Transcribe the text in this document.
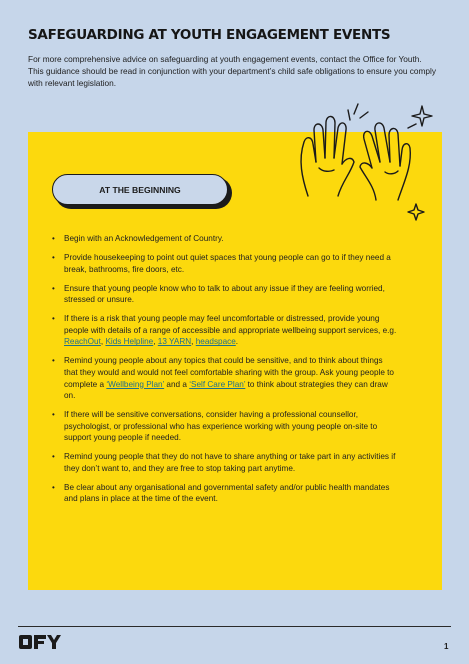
SAFEGUARDING AT YOUTH ENGAGEMENT EVENTS

For more comprehensive advice on safeguarding at youth engagement events, contact the Office for Youth. This guidance should be read in conjunction with your department’s child safe obligations to ensure you comply with relevant legislation.

AT THE BEGINNING
• Begin with an Acknowledgement of Country.
• Provide housekeeping to point out quiet spaces that young people can go to if they need a break, bathrooms, fire doors, etc.
• Ensure that young people know who to talk to about any issue if they are feeling worried, stressed or unsure.
• If there is a risk that young people may feel uncomfortable or distressed, provide young people with details of a range of accessible and appropriate wellbeing support services, e.g. ReachOut, Kids Helpline, 13 YARN, headspace.
• Remind young people about any topics that could be sensitive, and to think about things that they would and would not feel comfortable sharing with the group. Ask young people to complete a ‘Wellbeing Plan’ and a ‘Self Care Plan’ to think about strategies they can draw on.
• If there will be sensitive conversations, consider having a professional counsellor, psychologist, or professional who has experience working with young people on-site to support young people if needed.
• Remind young people that they do not have to share anything or take part in any activities if they don’t want to, and they are free to stop taking part anytime.
• Be clear about any organisational and governmental safety and/or public health mandates and plans in place at the time of the event.
1
